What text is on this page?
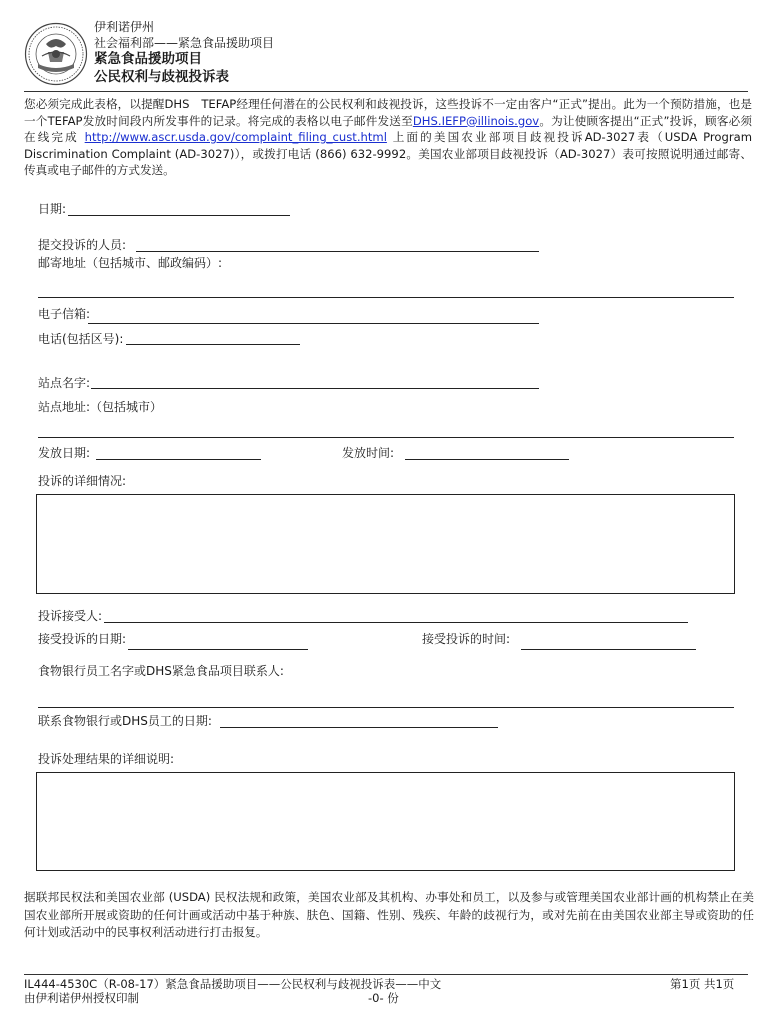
伊利诺伊州
社会福利部——紧急食品援助项目
紧急食品援助项目
公民权利与歧视投诉表
您必须完成此表格，以提醒DHS　TEFAP经理任何潜在的公民权利和歧视投诉，这些投诉不一定由客户“正式”提出。此为一个预防措施，也是一个TEFAP发放时间段内所发事件的记录。将完成的表格以电子邮件发送至DHS.IEFP@illinois.gov。为让使顾客提出“正式”投诉，顾客必须在线完成 http://www.ascr.usda.gov/complaint_filing_cust.html 上面的美国农业部项目歧视投诉AD-3027表（USDA Program Discrimination Complaint (AD-3027)），或拨打电话 (866) 632-9992。美国农业部项目歧视投诉（AD-3027）表可按照说明通过邮寄、传真或电子邮件的方式发送。
日期:
提交投诉的人员:
邮寄地址（包括城市、邮政编码）:
电子信箱:
电话(包括区号):
站点名字:
站点地址:（包括城市）
发放日期:	发放时间:
投诉的详细情况:
投诉接受人:
接受投诉的日期:	接受投诉的时间:
食物银行员工名字或DHS紧急食品项目联系人:
联系食物银行或DHS员工的日期:
投诉处理结果的详细说明:
据联邦民权法和美国农业部 (USDA) 民权法规和政策，美国农业部及其机构、办事处和员工，以及参与或管理美国农业部计画的机构禁止在美国农业部所开展或资助的任何计画或活动中基于种族、肤色、国籍、性别、残疾、年龄的歧视行为，或对先前在由美国农业部主导或资助的任何计划或活动中的民事权利活动进行打击报复。
IL444-4530C（R-08-17）紧急食品援助项目——公民权利与歧视投诉表——中文
由伊利诺伊州授权印制
第1页 共1页
-0- 份
